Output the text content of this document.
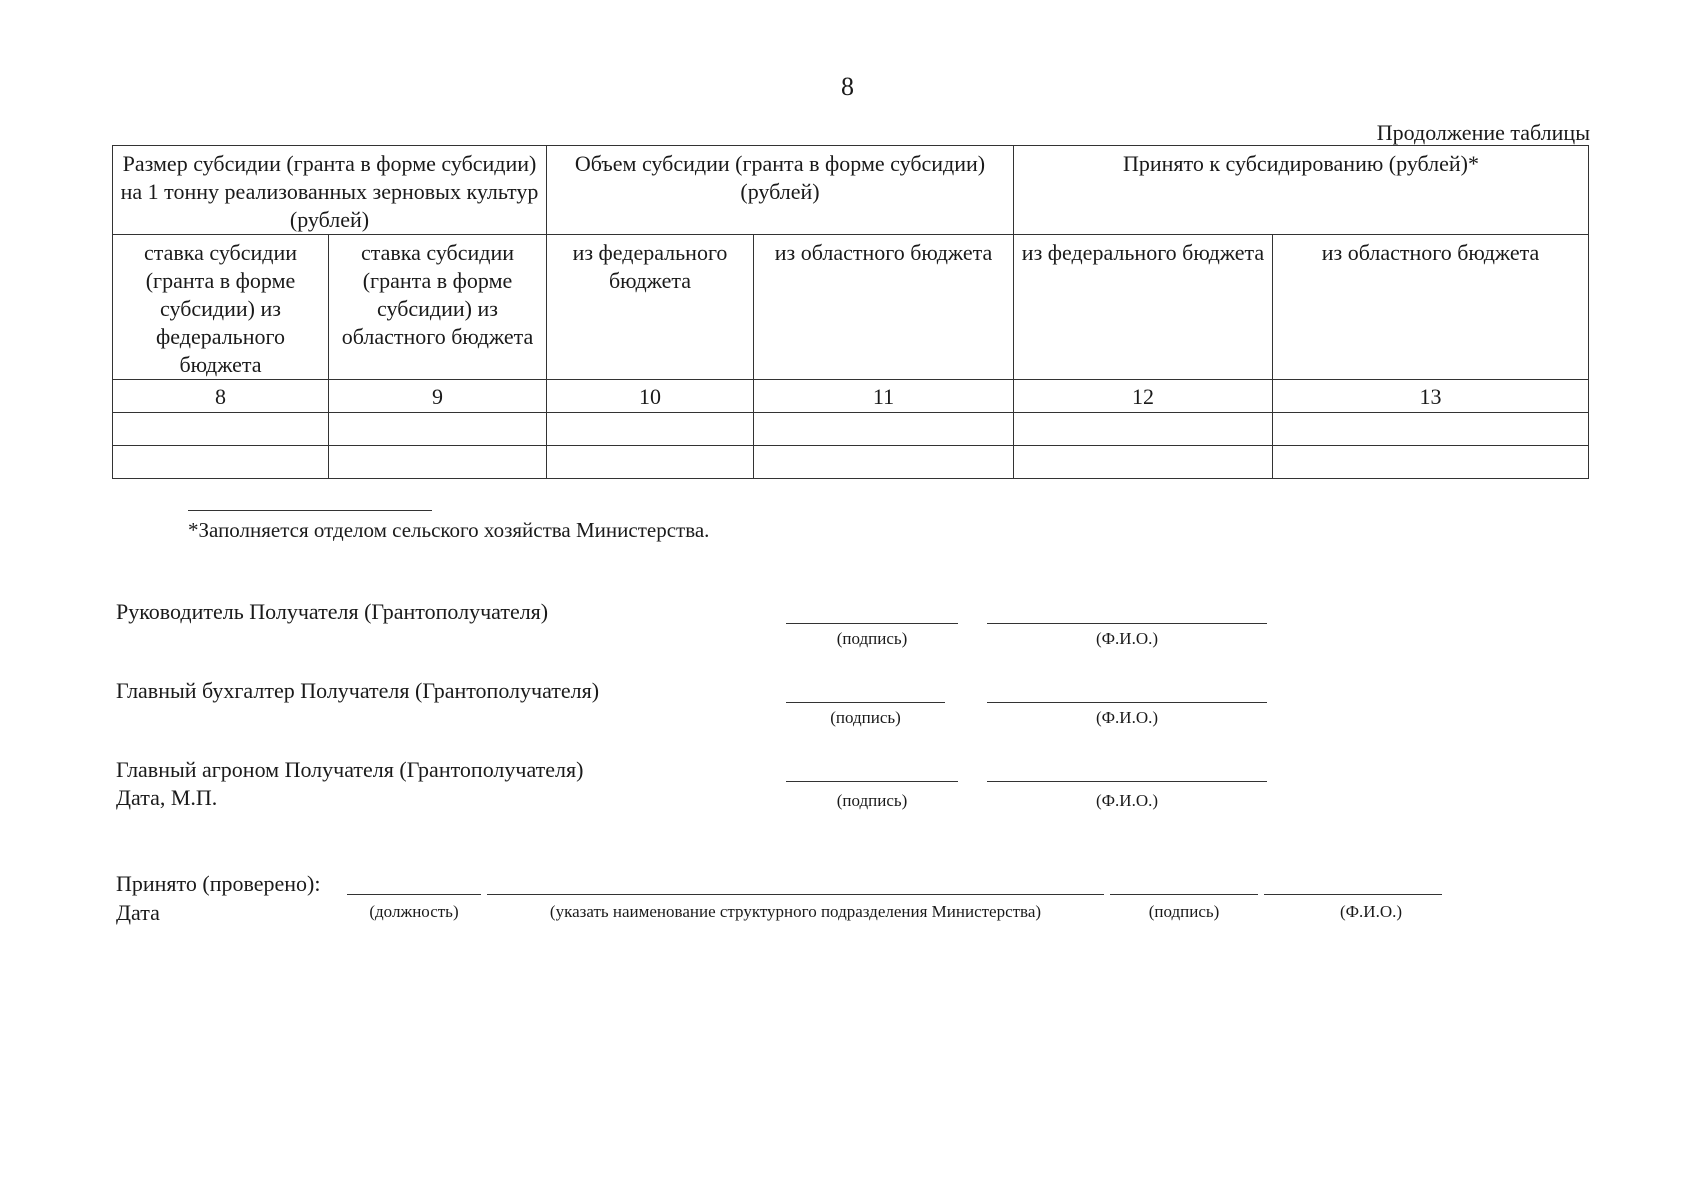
8
Продолжение таблицы
Размер субсидии (гранта в форме субсидии) на 1 тонну реализованных зерновых культур (рублей)		Объем субсидии (гранта в форме субсидии) (рублей)		Принято к субсидированию (рублей)*	
ставка субсидии (гранта в форме субсидии) из федерального бюджета	ставка субсидии (гранта в форме субсидии) из областного бюджета	из федерального бюджета	из областного бюджета	из федерального бюджета	из областного бюджета
8	9	10	11	12	13

*Заполняется отделом сельского хозяйства Министерства.
Руководитель Получателя (Грантополучателя)
(подпись)	(Ф.И.О.)
Главный бухгалтер Получателя (Грантополучателя)
(подпись)	(Ф.И.О.)
Главный агроном Получателя (Грантополучателя)
Дата, М.П.	(подпись)	(Ф.И.О.)
Принято (проверено):
Дата	(должность)	(указать наименование структурного подразделения Министерства)	(подпись)	(Ф.И.О.)
